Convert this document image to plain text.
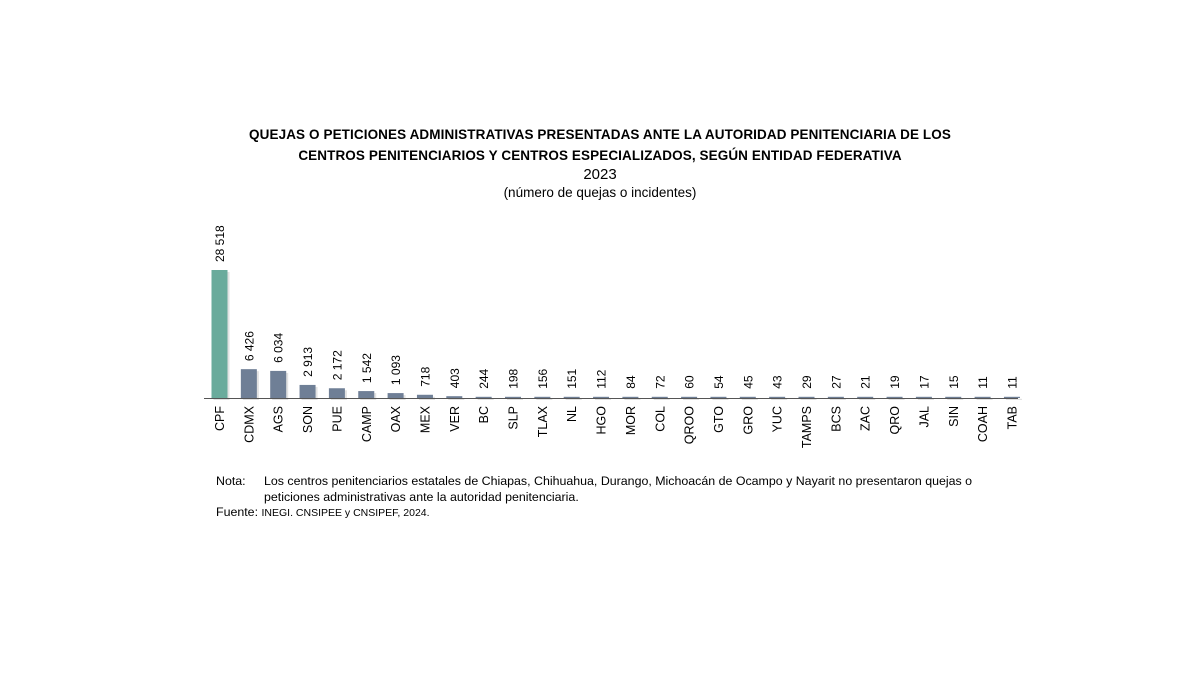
QUEJAS O PETICIONES ADMINISTRATIVAS PRESENTADAS ANTE LA AUTORIDAD PENITENCIARIA DE LOS
CENTROS PENITENCIARIOS Y CENTROS ESPECIALIZADOS, SEGÚN ENTIDAD FEDERATIVA
2023
(número de quejas o incidentes)
28 518
CPF
6 426
CDMX
6 034
AGS
2 913
SON
2 172
PUE
1 542
CAMP
1 093
OAX
718
MEX
403
VER
244
BC
198
SLP
156
TLAX
151
NL
112
HGO
84
MOR
72
COL
60
QROO
54
GTO
45
GRO
43
YUC
29
TAMPS
27
BCS
21
ZAC
19
QRO
17
JAL
15
SIN
11
COAH
11
TAB
Nota:	Los centros penitenciarios estatales de Chiapas, Chihuahua, Durango, Michoacán de Ocampo y Nayarit no presentaron quejas o peticiones administrativas ante la autoridad penitenciaria.
Fuente: INEGI. CNSIPEE y CNSIPEF, 2024.
